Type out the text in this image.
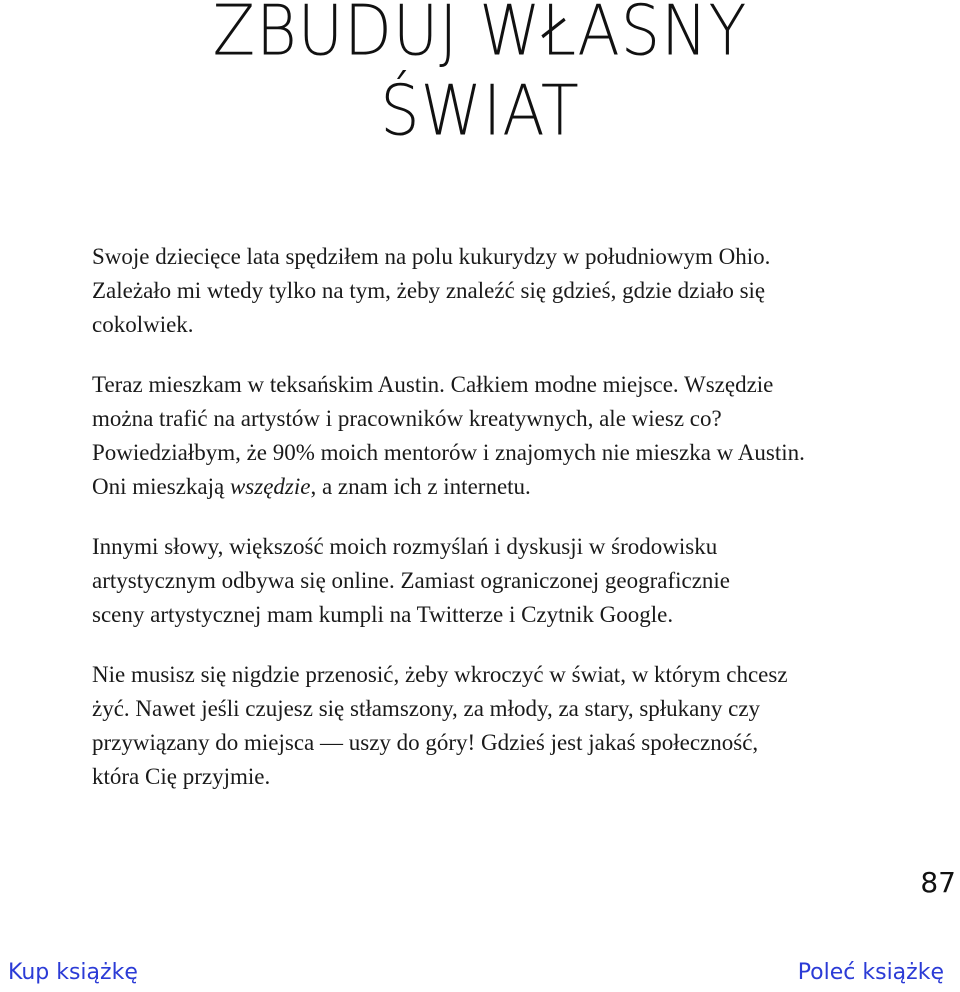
ZBUDUJ WŁASNY
ŚWIAT

Swoje dziecięce lata spędziłem na polu kukurydzy w południowym Ohio.
Zależało mi wtedy tylko na tym, żeby znaleźć się gdzieś, gdzie działo się
cokolwiek.

Teraz mieszkam w teksańskim Austin. Całkiem modne miejsce. Wszędzie
można trafić na artystów i pracowników kreatywnych, ale wiesz co?
Powiedziałbym, że 90% moich mentorów i znajomych nie mieszka w Austin.
Oni mieszkają wszędzie, a znam ich z internetu.

Innymi słowy, większość moich rozmyślań i dyskusji w środowisku
artystycznym odbywa się online. Zamiast ograniczonej geograficznie
sceny artystycznej mam kumpli na Twitterze i Czytnik Google.

Nie musisz się nigdzie przenosić, żeby wkroczyć w świat, w którym chcesz
żyć. Nawet jeśli czujesz się stłamszony, za młody, za stary, spłukany czy
przywiązany do miejsca — uszy do góry! Gdzieś jest jakaś społeczność,
która Cię przyjmie.

87
Kup książkę	Poleć książkę
